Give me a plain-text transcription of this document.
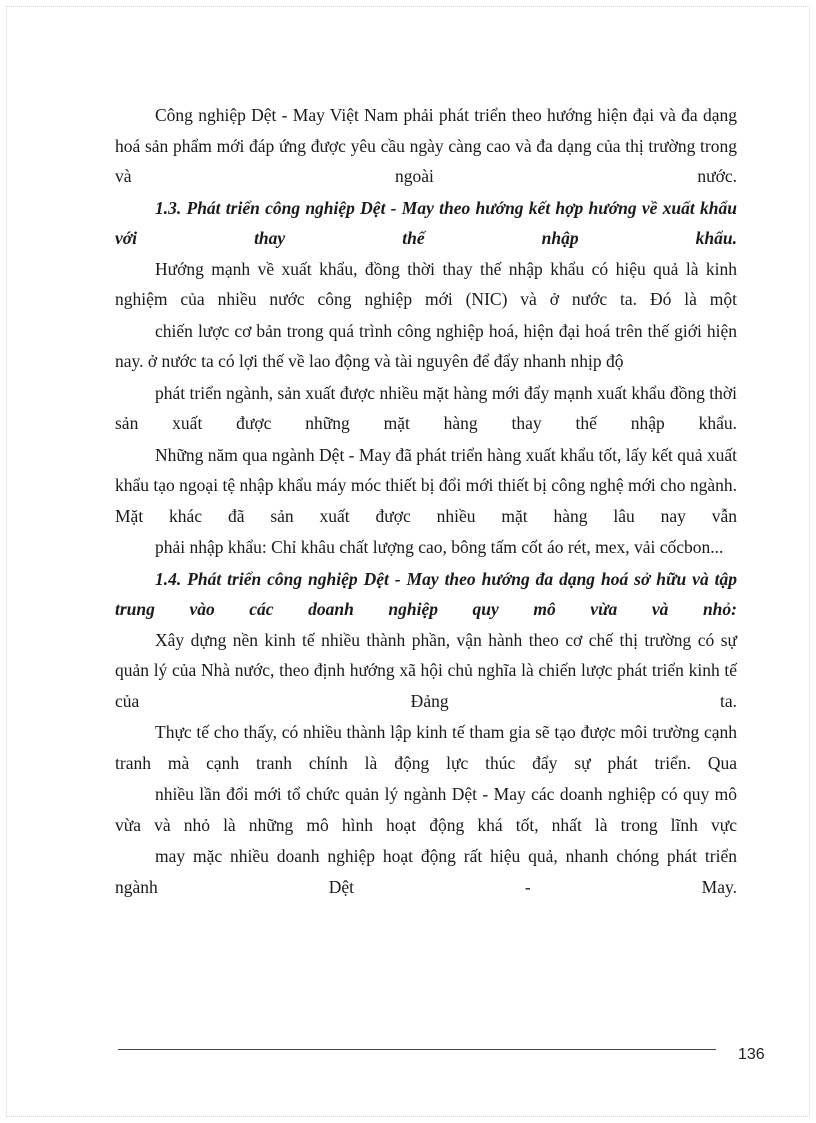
Công nghiệp Dệt - May Việt Nam phải phát triển theo hướng hiện đại và đa dạng hoá sản phẩm mới đáp ứng được yêu cầu ngày càng cao và đa dạng của thị trường trong và ngoài nước.

1.3. Phát triển công nghiệp Dệt - May theo hướng kết hợp hướng về xuất khẩu với thay thế nhập khẩu.

Hướng mạnh về xuất khẩu, đồng thời thay thế nhập khẩu có hiệu quả là kinh nghiệm của nhiều nước công nghiệp mới (NIC) và ở nước ta. Đó là một

chiến lược cơ bản trong quá trình công nghiệp hoá, hiện đại hoá trên thế giới hiện nay. ở nước ta có lợi thế về lao động và tài nguyên để đẩy nhanh nhịp độ

phát triển ngành, sản xuất được nhiều mặt hàng mới đẩy mạnh xuất khẩu đồng thời sản xuất được những mặt hàng thay thế nhập khẩu.

Những năm qua ngành Dệt - May đã phát triển hàng xuất khẩu tốt, lấy kết quả xuất khẩu tạo ngoại tệ nhập khẩu máy móc thiết bị đổi mới thiết bị công nghệ mới cho ngành. Mặt khác đã sản xuất được nhiều mặt hàng lâu nay vẫn

phải nhập khẩu: Chỉ khâu chất lượng cao, bông tấm cốt áo rét, mex, vải cốcbon...

1.4. Phát triển công nghiệp Dệt - May theo hướng đa dạng hoá sở hữu và tập trung vào các doanh nghiệp quy mô vừa và nhỏ:

Xây dựng nền kinh tế nhiều thành phần, vận hành theo cơ chế thị trường có sự quản lý của Nhà nước, theo định hướng xã hội chủ nghĩa là chiến lược phát triển kinh tế của Đảng ta.

Thực tế cho thấy, có nhiều thành lập kinh tế tham gia sẽ tạo được môi trường cạnh tranh mà cạnh tranh chính là động lực thúc đẩy sự phát triển. Qua

nhiều lần đổi mới tổ chức quản lý ngành Dệt - May các doanh nghiệp có quy mô vừa và nhỏ là những mô hình hoạt động khá tốt, nhất là trong lĩnh vực

may mặc nhiều doanh nghiệp hoạt động rất hiệu quả, nhanh chóng phát triển ngành Dệt - May.

136
